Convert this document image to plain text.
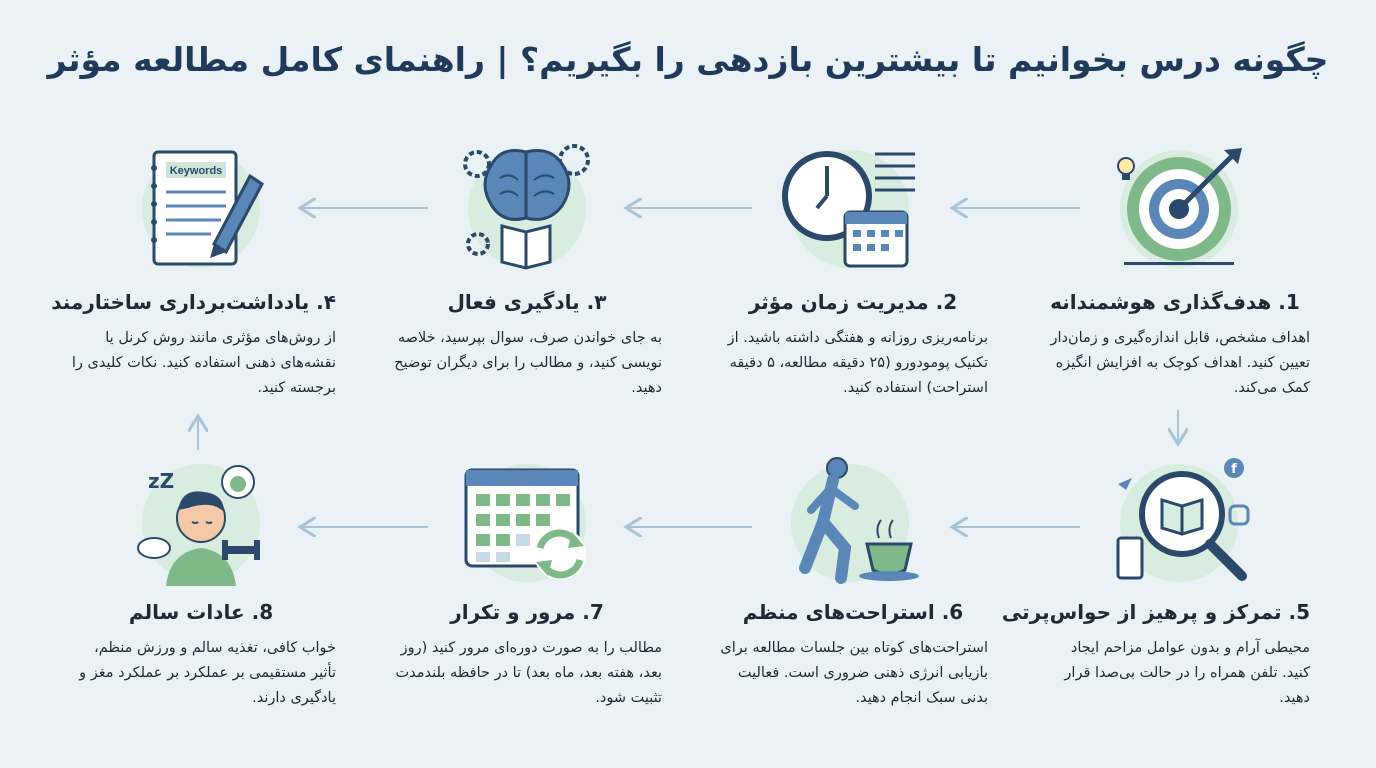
چگونه درس بخوانیم تا بیشترین بازدهی را بگیریم؟ | راهنمای کامل مطالعه مؤثر
1. هدف‌گذاری هوشمندانه
اهداف مشخص، قابل اندازه‌گیری و زمان‌دار تعیین کنید. اهداف کوچک به افزایش انگیزه کمک می‌کند.
2. مدیریت زمان مؤثر
برنامه‌ریزی روزانه و هفتگی داشته باشید. از تکنیک پومودورو (۲۵ دقیقه مطالعه، ۵ دقیقه استراحت) استفاده کنید.
۳. یادگیری فعال
به جای خواندن صرف، سوال بپرسید، خلاصه نویسی کنید، و مطالب را برای دیگران توضیح دهید.
Keywords
۴. یادداشت‌برداری ساختارمند
از روش‌های مؤثری مانند روش کرنل یا نقشه‌های ذهنی استفاده کنید. نکات کلیدی را برجسته کنید.
f
5. تمرکز و پرهیز از حواس‌پرتی
محیطی آرام و بدون عوامل مزاحم ایجاد کنید. تلفن همراه را در حالت بی‌صدا قرار دهید.
6. استراحت‌های منظم
استراحت‌های کوتاه بین جلسات مطالعه برای بازیابی انرژی ذهنی ضروری است. فعالیت بدنی سبک انجام دهید.
7. مرور و تکرار
مطالب را به صورت دوره‌ای مرور کنید (روز بعد، هفته بعد، ماه بعد) تا در حافظه بلندمدت تثبیت شود.
zZ
8. عادات سالم
خواب کافی، تغذیه سالم و ورزش منظم، تأثیر مستقیمی بر عملکرد بر عملکرد مغز و یادگیری دارند.
